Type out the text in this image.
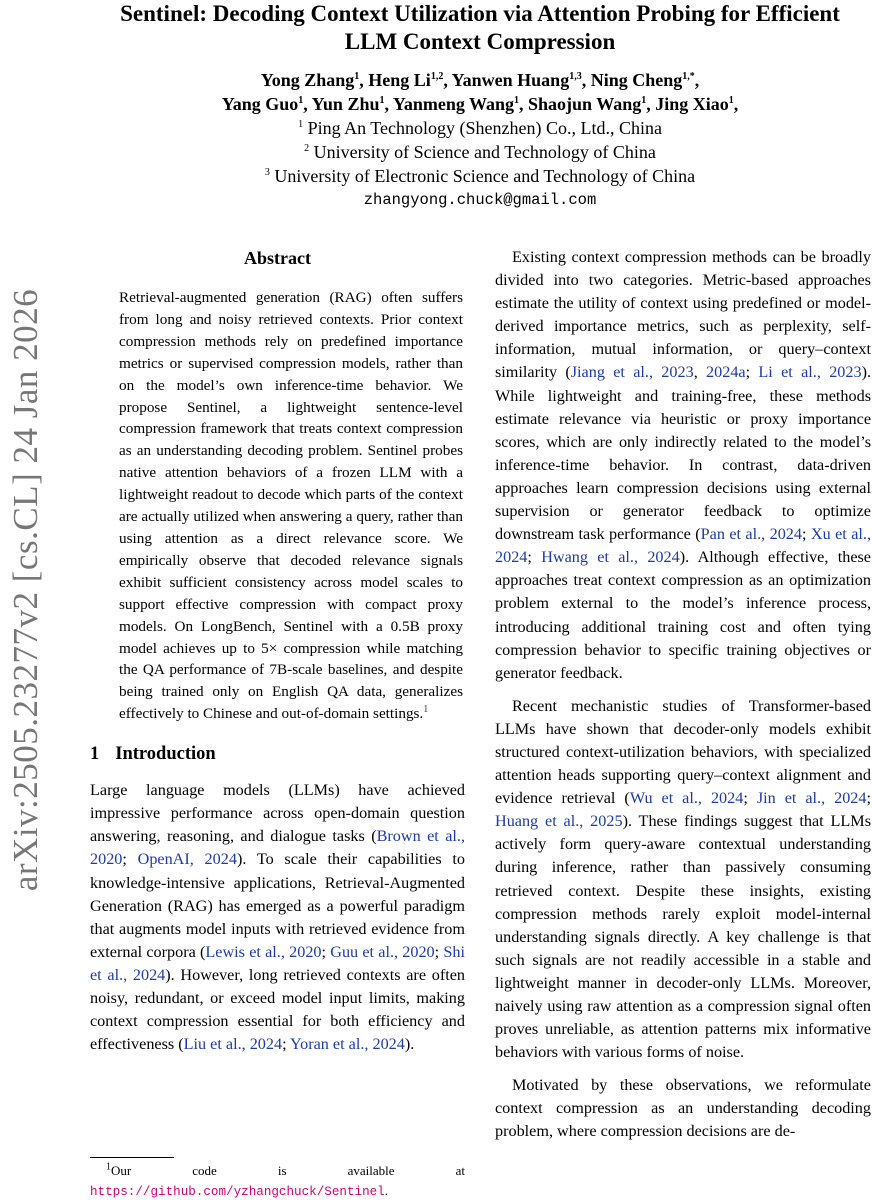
arXiv:2505.23277v2 [cs.CL] 24 Jan 2026
Sentinel: Decoding Context Utilization via Attention Probing for Efficient
LLM Context Compression
Yong Zhang$^1$, Heng Li$^{1,2}$, Yanwen Huang$^{1,3}$, Ning Cheng$^{1,*}$,
Yang Guo$^1$, Yun Zhu$^1$, Yanmeng Wang$^1$, Shaojun Wang$^1$, Jing Xiao$^1$,
$^1$ Ping An Technology (Shenzhen) Co., Ltd., China
$^2$ University of Science and Technology of China
$^3$ University of Electronic Science and Technology of China
zhangyong.chuck@gmail.com
Abstract
Retrieval-augmented generation (RAG) often suffers from long and noisy retrieved contexts. Prior context compression methods rely on predefined importance metrics or supervised compression models, rather than on the model’s own inference-time behavior. We propose Sentinel, a lightweight sentence-level compression framework that treats context compression as an understanding decoding problem. Sentinel probes native attention behaviors of a frozen LLM with a lightweight readout to decode which parts of the context are actually utilized when answering a query, rather than using attention as a direct relevance score. We empirically observe that decoded relevance signals exhibit sufficient consistency across model scales to support effective compression with compact proxy models. On LongBench, Sentinel with a 0.5B proxy model achieves up to 5× compression while matching the QA performance of 7B-scale baselines, and despite being trained only on English QA data, generalizes effectively to Chinese and out-of-domain settings.$^1$
1 Introduction
Large language models (LLMs) have achieved impressive performance across open-domain question answering, reasoning, and dialogue tasks (Brown et al., 2020; OpenAI, 2024). To scale their capabilities to knowledge-intensive applications, Retrieval-Augmented Generation (RAG) has emerged as a powerful paradigm that augments model inputs with retrieved evidence from external corpora (Lewis et al., 2020; Guu et al., 2020; Shi et al., 2024). However, long retrieved contexts are often noisy, redundant, or exceed model input limits, making context compression essential for both efficiency and effectiveness (Liu et al., 2024; Yoran et al., 2024).
Existing context compression methods can be broadly divided into two categories. Metric-based approaches estimate the utility of context using predefined or model-derived importance metrics, such as perplexity, self-information, mutual information, or query–context similarity (Jiang et al., 2023, 2024a; Li et al., 2023). While lightweight and training-free, these methods estimate relevance via heuristic or proxy importance scores, which are only indirectly related to the model’s inference-time behavior. In contrast, data-driven approaches learn compression decisions using external supervision or generator feedback to optimize downstream task performance (Pan et al., 2024; Xu et al., 2024; Hwang et al., 2024). Although effective, these approaches treat context compression as an optimization problem external to the model’s inference process, introducing additional training cost and often tying compression behavior to specific training objectives or generator feedback.
Recent mechanistic studies of Transformer-based LLMs have shown that decoder-only models exhibit structured context-utilization behaviors, with specialized attention heads supporting query–context alignment and evidence retrieval (Wu et al., 2024; Jin et al., 2024; Huang et al., 2025). These findings suggest that LLMs actively form query-aware contextual understanding during inference, rather than passively consuming retrieved context. Despite these insights, existing compression methods rarely exploit model-internal understanding signals directly. A key challenge is that such signals are not readily accessible in a stable and lightweight manner in decoder-only LLMs. Moreover, naively using raw attention as a compression signal often proves unreliable, as attention patterns mix informative behaviors with various forms of noise.
Motivated by these observations, we reformulate context compression as an understanding decoding problem, where compression decisions are de-
$^1$Our code is available at https://github.com/yzhangchuck/Sentinel.
